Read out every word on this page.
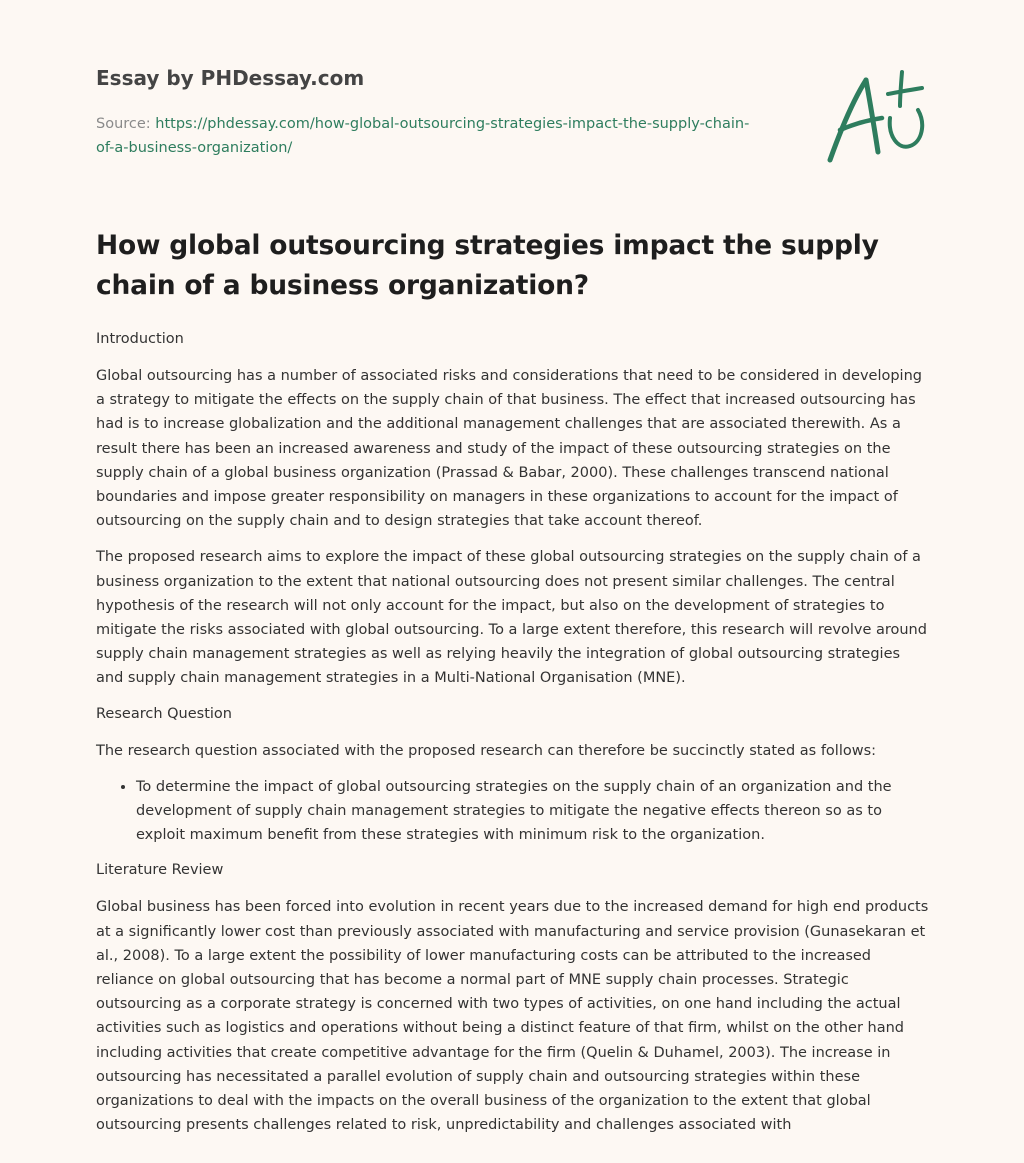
Essay by PHDessay.com
Source: https://phdessay.com/how-global-outsourcing-strategies-impact-the-supply-chain-of-a-business-organization/
How global outsourcing strategies impact the supply chain of a business organization?
Introduction

Global outsourcing has a number of associated risks and considerations that need to be considered in developing a strategy to mitigate the effects on the supply chain of that business. The effect that increased outsourcing has had is to increase globalization and the additional management challenges that are associated therewith. As a result there has been an increased awareness and study of the impact of these outsourcing strategies on the supply chain of a global business organization (Prassad & Babar, 2000). These challenges transcend national boundaries and impose greater responsibility on managers in these organizations to account for the impact of outsourcing on the supply chain and to design strategies that take account thereof.

The proposed research aims to explore the impact of these global outsourcing strategies on the supply chain of a business organization to the extent that national outsourcing does not present similar challenges. The central hypothesis of the research will not only account for the impact, but also on the development of strategies to mitigate the risks associated with global outsourcing. To a large extent therefore, this research will revolve around supply chain management strategies as well as relying heavily the integration of global outsourcing strategies and supply chain management strategies in a Multi-National Organisation (MNE).

Research Question

The research question associated with the proposed research can therefore be succinctly stated as follows:

• To determine the impact of global outsourcing strategies on the supply chain of an organization and the development of supply chain management strategies to mitigate the negative effects thereon so as to exploit maximum benefit from these strategies with minimum risk to the organization.
Literature Review

Global business has been forced into evolution in recent years due to the increased demand for high end products at a significantly lower cost than previously associated with manufacturing and service provision (Gunasekaran et al., 2008). To a large extent the possibility of lower manufacturing costs can be attributed to the increased reliance on global outsourcing that has become a normal part of MNE supply chain processes. Strategic outsourcing as a corporate strategy is concerned with two types of activities, on one hand including the actual activities such as logistics and operations without being a distinct feature of that firm, whilst on the other hand including activities that create competitive advantage for the firm (Quelin & Duhamel, 2003). The increase in outsourcing has necessitated a parallel evolution of supply chain and outsourcing strategies within these organizations to deal with the impacts on the overall business of the organization to the extent that global outsourcing presents challenges related to risk, unpredictability and challenges associated with
